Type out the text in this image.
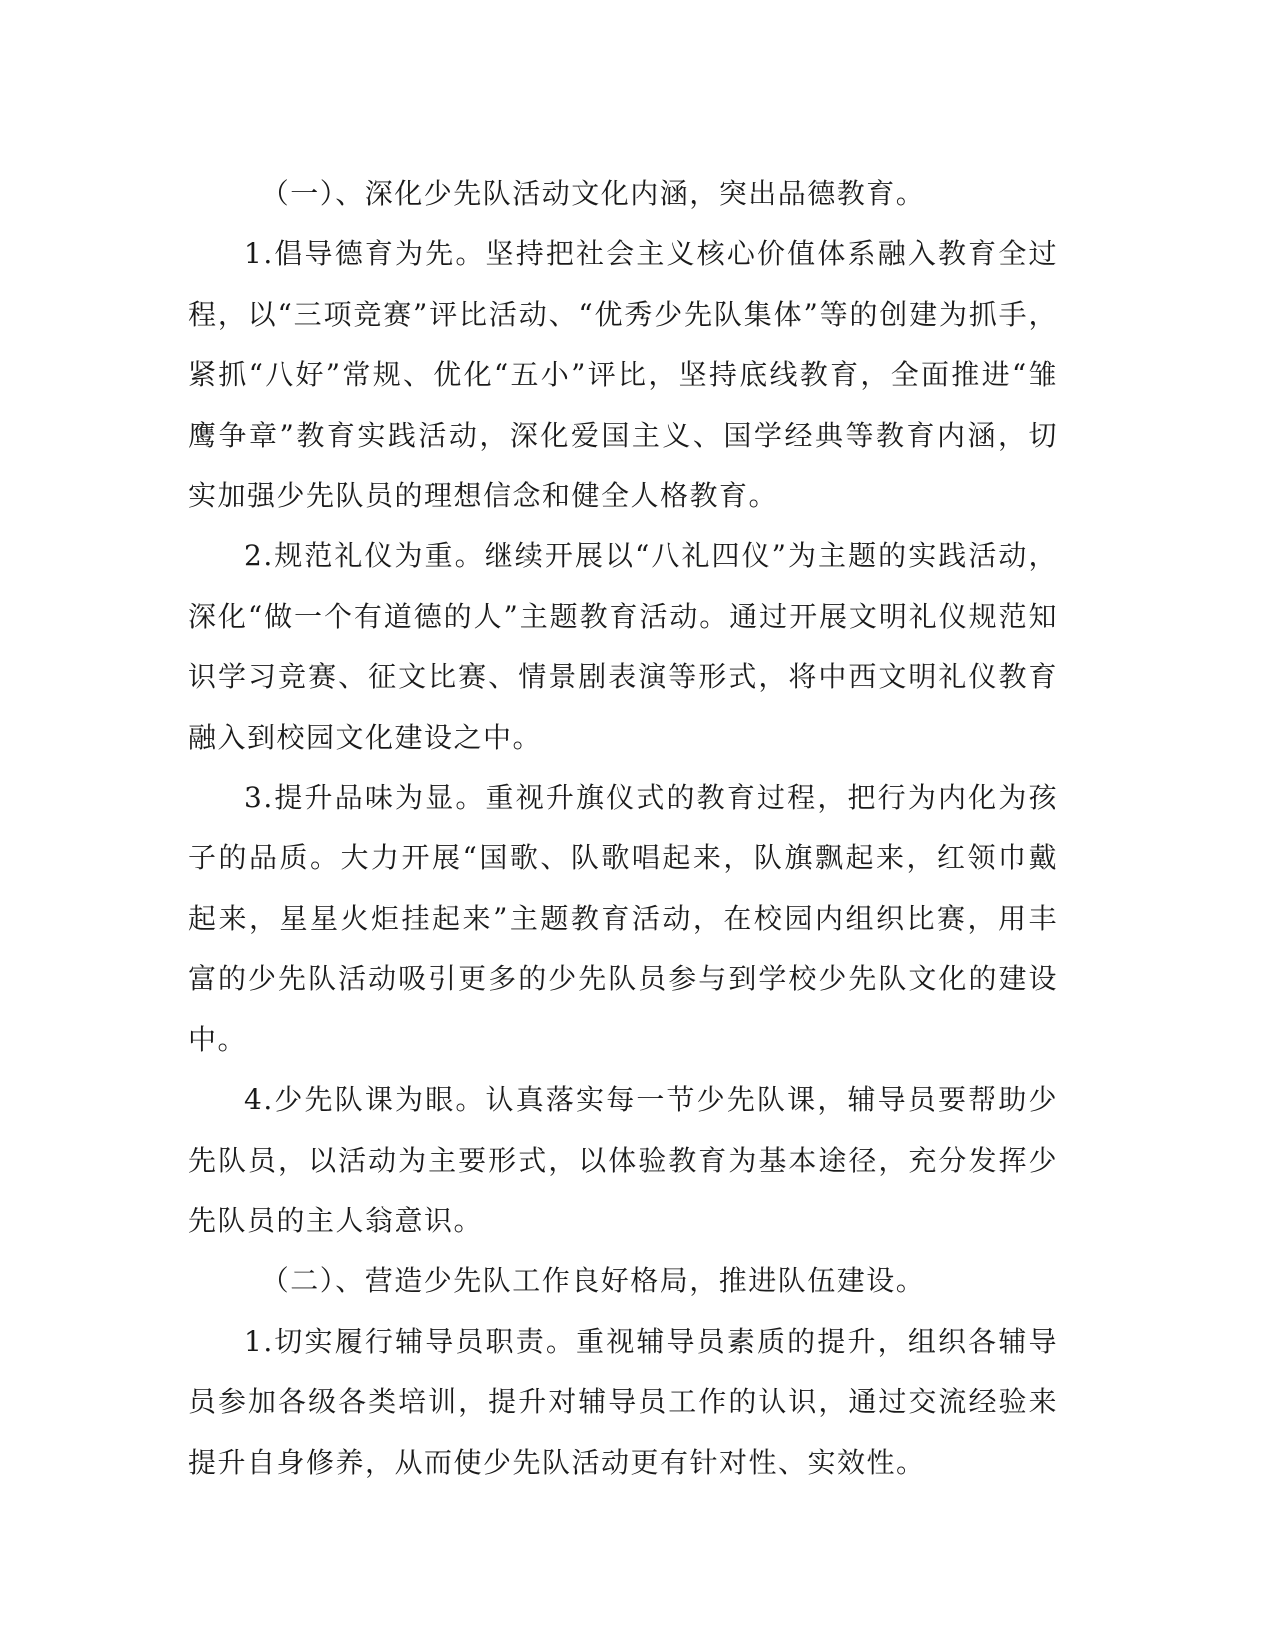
（一）、深化少先队活动文化内涵，突出品德教育。

1.倡导德育为先。坚持把社会主义核心价值体系融入教育全过程，以“三项竞赛”评比活动、“优秀少先队集体”等的创建为抓手，紧抓“八好”常规、优化“五小”评比，坚持底线教育，全面推进“雏鹰争章”教育实践活动，深化爱国主义、国学经典等教育内涵，切实加强少先队员的理想信念和健全人格教育。

2.规范礼仪为重。继续开展以“八礼四仪”为主题的实践活动，深化“做一个有道德的人”主题教育活动。通过开展文明礼仪规范知识学习竞赛、征文比赛、情景剧表演等形式，将中西文明礼仪教育融入到校园文化建设之中。

3.提升品味为显。重视升旗仪式的教育过程，把行为内化为孩子的品质。大力开展“国歌、队歌唱起来，队旗飘起来，红领巾戴起来，星星火炬挂起来”主题教育活动，在校园内组织比赛，用丰富的少先队活动吸引更多的少先队员参与到学校少先队文化的建设中。

4.少先队课为眼。认真落实每一节少先队课，辅导员要帮助少先队员，以活动为主要形式，以体验教育为基本途径，充分发挥少先队员的主人翁意识。

（二）、营造少先队工作良好格局，推进队伍建设。

1.切实履行辅导员职责。重视辅导员素质的提升，组织各辅导员参加各级各类培训，提升对辅导员工作的认识，通过交流经验来提升自身修养，从而使少先队活动更有针对性、实效性。
